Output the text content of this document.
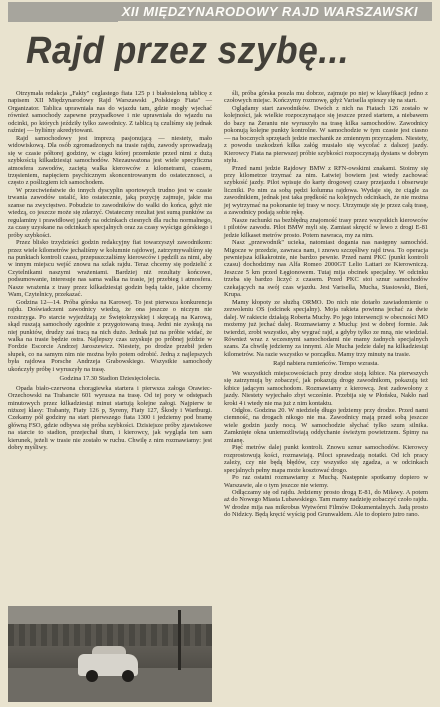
XII MIĘDZYNARODOWY RAJD WARSZAWSKI
Rajd przez szybę...

Otrzymała redakcja „Fakty" ceglastego fiata 125 p i białosieloną tablicę z napisem XII Międzynarodowy Rajd Warszawski „Polskiego Fiata" — Organizator. Tablica uprawniała nas do wjazdu tam, gdzie mogły wjechać również samochody zapewne przypadkowe i nie uprawniała do wjazdu na odcinki, po których jeździły tylko zawodnicy. Z tablicą tą czuliśmy się jednak raźniej — byliśmy akredytowani.

Rajd samochodowy jest imprezą pasjonującą — niestety, mało widowiskową. Dla osób zgromadzonych na trasie rajdu, zawody sprowadzają się w czasie półtorej godziny, w ciągu której przemknie przed nimi z dużą szybkością kilkadziesiąt samochodów. Niezauważona jest wiele specyficzna atmosfera zawodów, zaciętą walka kierowców z kilometrami, czasem, trzęsieniem, napięciem psychicznym skoncentrowanym do ostatecznosci, a często z poślizgiem ich samochodem.

W przeciwieństwie do innych dyscyplin sportowych trudno jest w czasie trwania zawodów ustalić, kto ostatecznie, jaką pozycję zajmuje, jakie ma szanse na zwycięstwo. Pobudzie to zawodników do walki do końca, gdyż nie wiedzą, co jeszcze może się zdarzyć. Ostateczny rezultat jest sumą punktów za regulaminy i prawidłowej jazdy na odcinkach ciesnych dla ruchu normalnego, za czasy uzyskane na odcinkach specjalnych oraz za czasy wyścigu górskiego i próby szybkości.

Przez blisko trzydzieści godzin redakcyjny fiat towarzyszył zawodnikom: przez wiele kilometrów jechaliśmy w kolumnie rajdowej, zatrzymywaliśmy się na punktach kontroli czasu, przepuszczaliśmy kierowców i pędzili za nimi, aby w innym miejscu wejść znowu na szlak rajdu. Teraz chcemy się podzielić z Czytelnikami naszymi wrażeniami. Bardziej niż rezultaty końcowe, podsumowanie, interesuje nas sama walka na trasie, jej przebieg i atmosfera. Nasze wrażenia z trasy przez kilkadziesiąt godzin będą takie, jakie chcemy Wam, Czytelnicy, przekazać.

Godzina 12—14. Próba górska na Karowej. To jest pierwsza konkurencja rajdu. Doświadczeni zawodnicy wiedzą, że ona jeszcze o niczym nie rozstrzyga. Po starcie wyjeżdżają ze Świętokrzyskiej i skręcają na Karową, skąd ruszają samochody zgodnie z przygotowaną trasą. Jedni nie zyskują na niej punktów, drudzy zaś tracą na nich dużo. Jednak już na próbie widać, że walka na trasie będzie ostra. Najlepszy czas uzyskuje po próbnej jeździe w Fordzie Escorcie Andrzej Jaroszewicz. Niestety, po drodze przebił jeden słupek, co na samym nim nie można było potem odrobić. Jedną z najlepszych była rajdowa Porsche Andrzeja Grabowskiego. Wszystkie samochody ukończyły próbę i wyruszyły na trasę.

Godzina 17.30 Stadion Dziesięciolecia.

Opada biało-czerwona chorągiewka startera i pierwsza załoga Orawiec-Orzechowski na Trabancie 601 wyrusza na trasę. Od tej pory w odstępach minutowych przez kilkadziesiąt minut startują kolejne załogi. Najpierw te niższej klasy: Trabanty, Fiaty 126 p, Syreny, Fiaty 127, Škody i Wartburgi. Czekamy pół godziny na start pierwszego fiata 1300 i jedziemy pod bramę główną FSO, gdzie odbywa się próba szybkości. Dzisiejsze próby zjawiskowe na starcie to stadion, przejechał tłum, i kierowcy, jak wygląda ten sam kierunek, jeżeli w trasie nie zostało w ruchu. Chwilę z nim rozmawiamy: jest dobry myśliwy.

śli, próba górska poszła mu dobrze, zajmuje po niej w klasyfikacji jedno z czołowych miejsc. Kończymy rozmowę, gdyż Varisella spieszy się na start.

Oglądamy start zawodników. Dwóch z nich na Fiatach 126 zostało w kolejności, jak wielkie rozpoczynające się jeszcze przed startem, a niebawem do bazy na Żeraniu nie wyruszyło na trasę kilka samochodów. Zawodnicy pokonują kolejne punkty kontrolne. W samochodzie w tym czasie jest ciasno — na bocznych sprzętach jedzie mechanik ze zmiennym przyrządem. Niestety, z powodu uszkodzeń kilka załóg musiało się wycofać z dalszej jazdy. Kierowcy Fiata na pierwszej próbie szybkości rozpoczynają dystans w dobrym stylu.

Przed nami jedzie Rajdowy BMW z RFN-owskimi znakami. Stoimy się przy kilometrze trzymać za nim. Łatwiej bowiem jest wtedy zachować szybkość jazdy. Pilot wpisuje do karty drogowej czasy przejazdu i obserwuje liczniki. Po nim za sobą pędzi kolumna rajdowa. Wydaje się, że ciągle za zawodnikiem, jednak jest taka prędkość na kolejnych odcinkach, że nie można jej wytrzymać na pokonanie tej trasy w nocy. Utrzymuje się je przez całą trasę, a zawodnicy podają sobie rękę.

Nasze rachunki na bezbłędną znajomość trasy przez wszystkich kierowców i pilotów zawodu. Pilot BMW myli się. Zamiast skręcić w lewo z drogi E-81 jedzie kilkaset metrów prosto. Potem nawraca, my za nim.

Nasz „przewodnik" ucieka, natomiast dogania nas następny samochód. Migocze w przedzie, zawraca nam, i znowu szczęśliwy rajd trwa. To operacja pewniejsza kilkakrotnie, nie bardzo pewnie. Przed nami PKC (punkt kontroli czasu) dochodzimy nas Alfa Romeo 2000GT Lelio Lattari ze Kierowniczą. Jeszcze 5 km przed Łęgionowem. Tutaj mija obcinek specjalny. W odcinku trzeba się bardzo liczyć z czasem. Przed PKC stoi sznur samochodów czekających na swój czas wjazdu. Jest Varisella, Mucha, Stasiowski, Bień, Krupa.

Mamy kłopoty ze służbą ORMO. Do nich nie dotarło zawiadomienie o zezwoleniu OS (odcinek specjalny). Moja rakieta powinna jechać za dwie dalej. W rakiecie działają Roberta Muchy. Po jego interwencji w obecności MO możemy już jechać dalej. Rozmawiamy z Muchą: jest w dobrej formie. Jak twierdzi, zrobi wszystko, aby wygrać rajd, a gdyby tylko ze mną, nie wiedział. Również wraz z wczesnymi samochodami nie mamy żadnych specjalnych szans. Za chwilę jedziemy za innymi. Ale Mucha jedzie dalej na kilkadziesiąt kilometrów. Na razie wszystko w porządku. Mamy trzy minuty na trasie.

Rajd nabiera rumieńców. Tempo wzrasta.

We wszystkich miejscowościach przy drodze stoją kibice. Na pierwszych się zatrzymują by zobaczyć, jak pokazują drogę zawodnikom, pokazują też kibice jadącym samochodom. Rozmawiamy z kierowcą. Jest zadowolony z jazdy. Niestety wyjechało zbyt wcześnie. Przebija się w Płońsku, Nakło nad kroki 4 i wtedy nie ma już z nim kontaktu.

Odgłos. Godzina 20. W niedzielę długo jedziemy przy drodze. Przed nami ciemność, na drogach nikogo nie ma. Zawodnicy mają przed sobą jeszcze wiele godzin jazdy nocą. W samochodzie słychać tylko szum silnika. Zamknięte okna uniemożliwiają oddychanie świeżym powietrzem. Śpimy na zmianę.

Pięć metrów dalej punkt kontroli. Znowu sznur samochodów. Kierowcy rozprostowują kości, rozmawiają. Piloci sprawdzają notatki. Od ich pracy zależy, czy nie będą błędów, czy wszystko się zgadza, a w odcinkach specjalnych pełny mapa może kosztować drogo.

Po raz ostatni rozmawiamy z Muchą. Następnie spotkamy dopiero w Warszawie, ale o tym jeszcze nie wiemy.

Odłączamy się od rajdu. Jedziemy prosto drogą E-81, do Miławy. A potem aż do Nowego Miasta Lubawskiego. Tam mamy nadzieję zobaczyć czoło rajdu. W drodze mija nas mikrobus Wytwórni Filmów Dokumentalnych. Jadą prosto do Nidzicy. Będą kręcić wyścig pod Grunwaldem. Ale to dopiero jutro rano.
